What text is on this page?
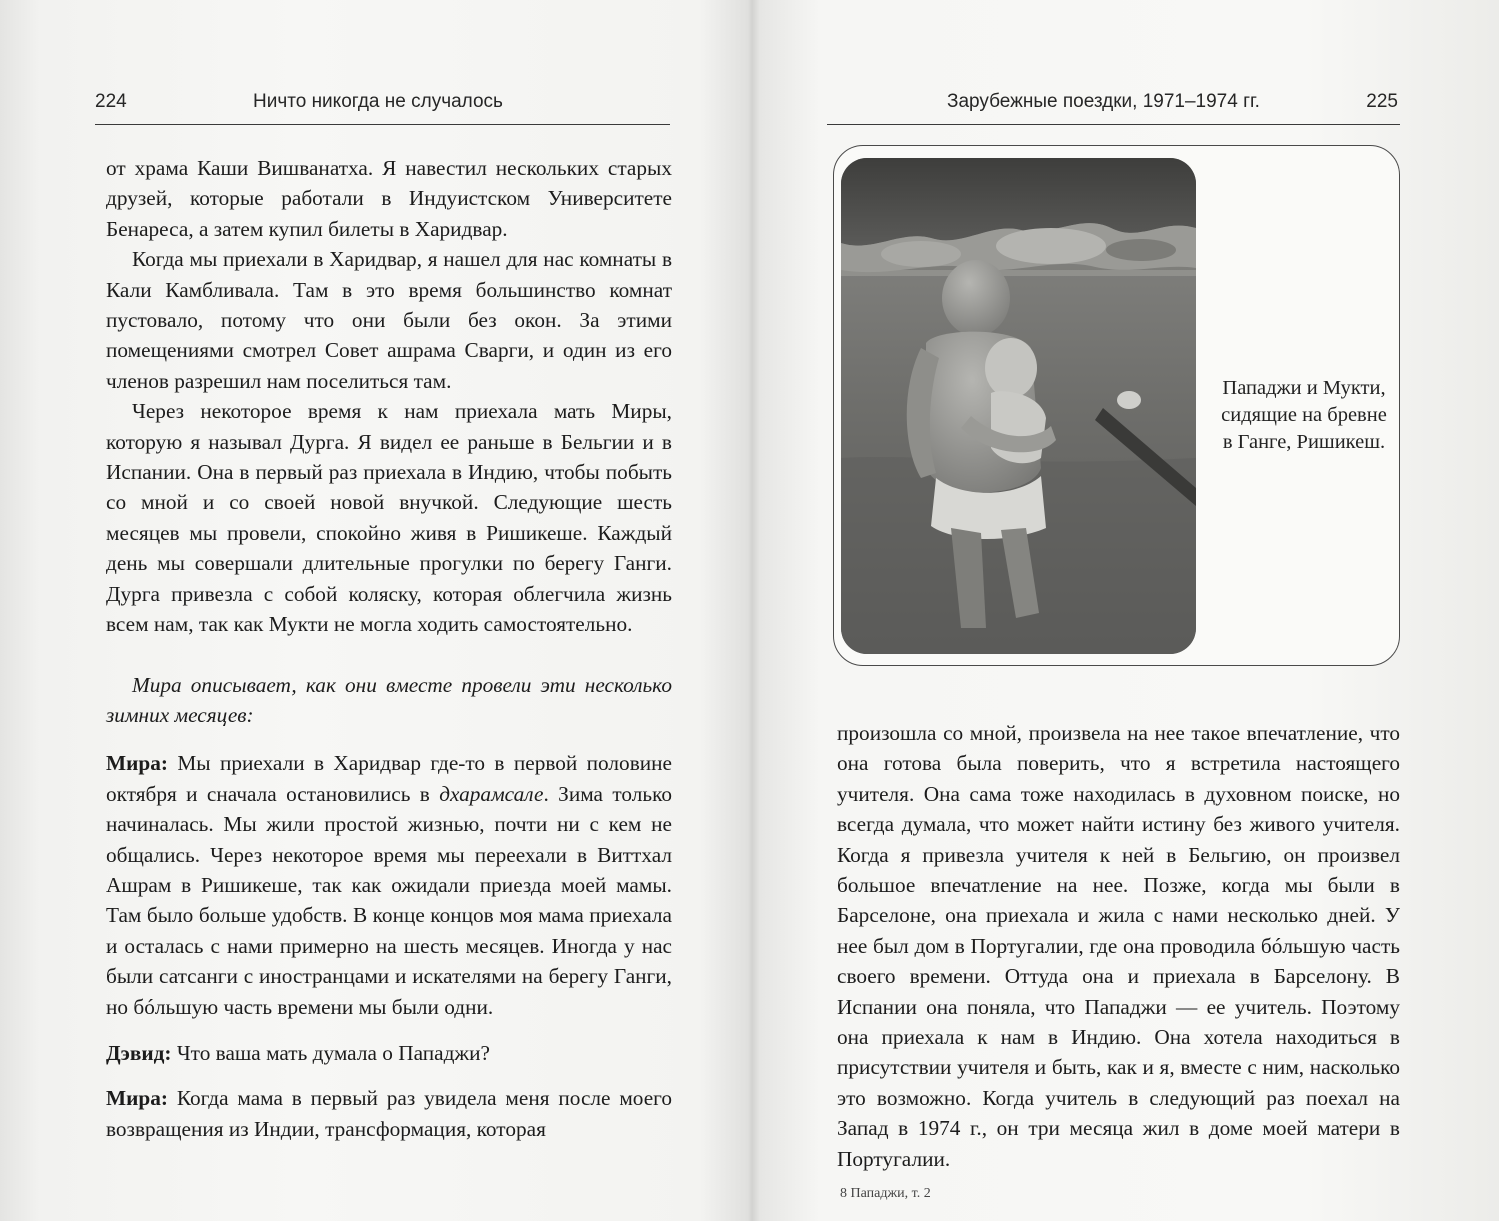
224	Ничто никогда не случалось

от храма Каши Вишванатха. Я навестил нескольких старых друзей, которые работали в Индуистском Университете Бенареса, а затем купил билеты в Харидвар.

Когда мы приехали в Харидвар, я нашел для нас комнаты в Кали Камбливала. Там в это время большинство комнат пустовало, потому что они были без окон. За этими помещениями смотрел Совет ашрама Сварги, и один из его членов разрешил нам поселиться там.

Через некоторое время к нам приехала мать Миры, которую я называл Дурга. Я видел ее раньше в Бельгии и в Испании. Она в первый раз приехала в Индию, чтобы побыть со мной и со своей новой внучкой. Следующие шесть месяцев мы провели, спокойно живя в Ришикеше. Каждый день мы совершали длительные прогулки по берегу Ганги. Дурга привезла с собой коляску, которая облегчила жизнь всем нам, так как Мукти не могла ходить самостоятельно.

Мира описывает, как они вместе провели эти несколько зимних месяцев:

Мира: Мы приехали в Харидвар где-то в первой половине октября и сначала остановились в дхарамсале. Зима только начиналась. Мы жили простой жизнью, почти ни с кем не общались. Через некоторое время мы переехали в Виттхал Ашрам в Ришикеше, так как ожидали приезда моей мамы. Там было больше удобств. В конце концов моя мама приехала и осталась с нами примерно на шесть месяцев. Иногда у нас были сатсанги с иностранцами и искателями на берегу Ганги, но бóльшую часть времени мы были одни.

Дэвид: Что ваша мать думала о Пападжи?

Мира: Когда мама в первый раз увидела меня после моего возвращения из Индии, трансформация, которая

Зарубежные поездки, 1971–1974 гг.	225
Пападжи и Мукти,
сидящие на бревне
в Ганге, Ришикеш.

произошла со мной, произвела на нее такое впечатление, что она готова была поверить, что я встретила настоящего учителя. Она сама тоже находилась в духовном поиске, но всегда думала, что может найти истину без живого учителя. Когда я привезла учителя к ней в Бельгию, он произвел большое впечатление на нее. Позже, когда мы были в Барселоне, она приехала и жила с нами несколько дней. У нее был дом в Португалии, где она проводила бóльшую часть своего времени. Оттуда она и приехала в Барселону. В Испании она поняла, что Пападжи — ее учитель. Поэтому она приехала к нам в Индию. Она хотела находиться в присутствии учителя и быть, как и я, вместе с ним, насколько это возможно. Когда учитель в следующий раз поехал на Запад в 1974 г., он три месяца жил в доме моей матери в Португалии.

8 Пападжи, т. 2
